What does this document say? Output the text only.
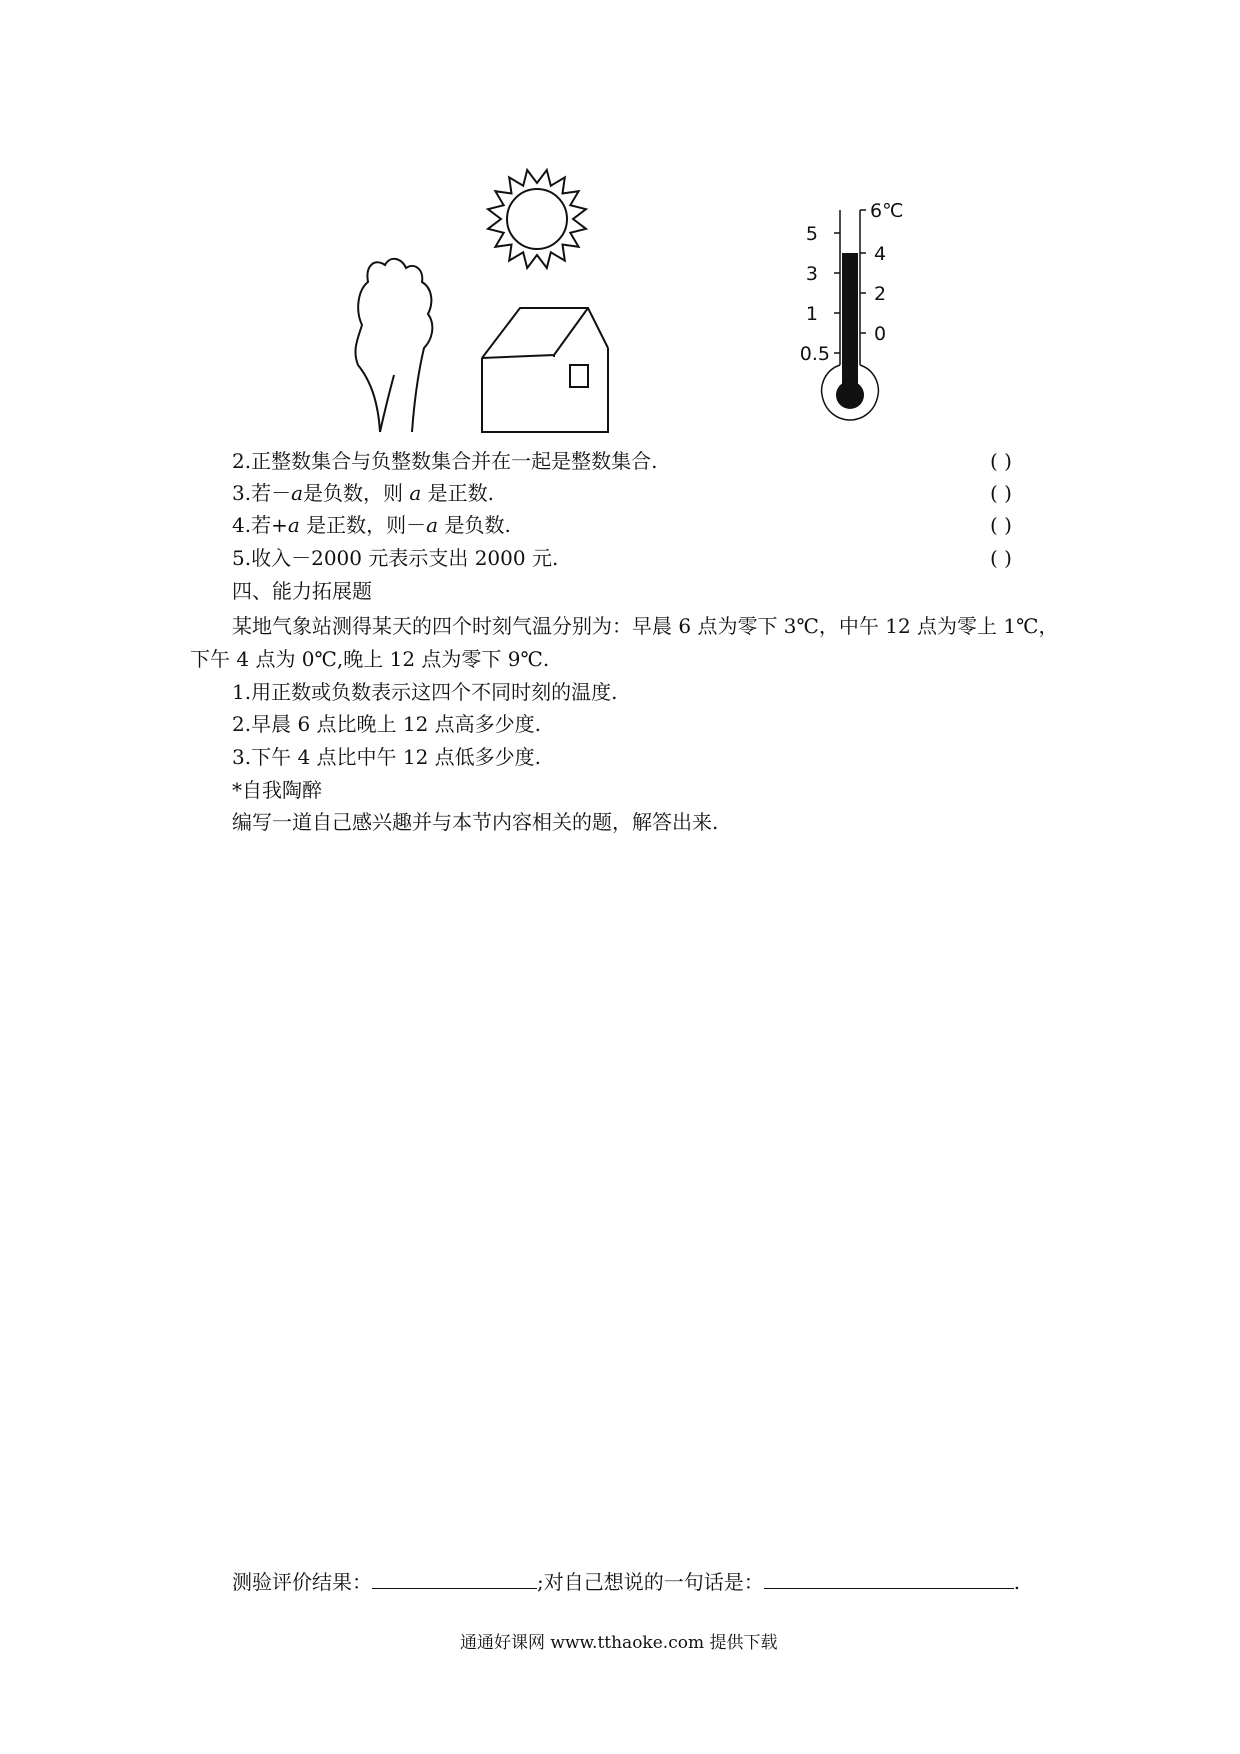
5
3
1
0.5
6℃
4
2
0
2.正整数集合与负整数集合并在一起是整数集合.	( )
3.若－a是负数，则 a 是正数.	( )
4.若+a 是正数，则－a 是负数.	( )
5.收入－2000 元表示支出 2000 元.	( )
四、能力拓展题
某地气象站测得某天的四个时刻气温分别为：早晨 6 点为零下 3℃，中午 12 点为零上 1℃，
下午 4 点为 0℃,晚上 12 点为零下 9℃.
1.用正数或负数表示这四个不同时刻的温度.
2.早晨 6 点比晚上 12 点高多少度.
3.下午 4 点比中午 12 点低多少度.
*自我陶醉
编写一道自己感兴趣并与本节内容相关的题，解答出来.
测验评价结果：	;对自己想说的一句话是：	.
通通好课网 www.tthaoke.com 提供下载
